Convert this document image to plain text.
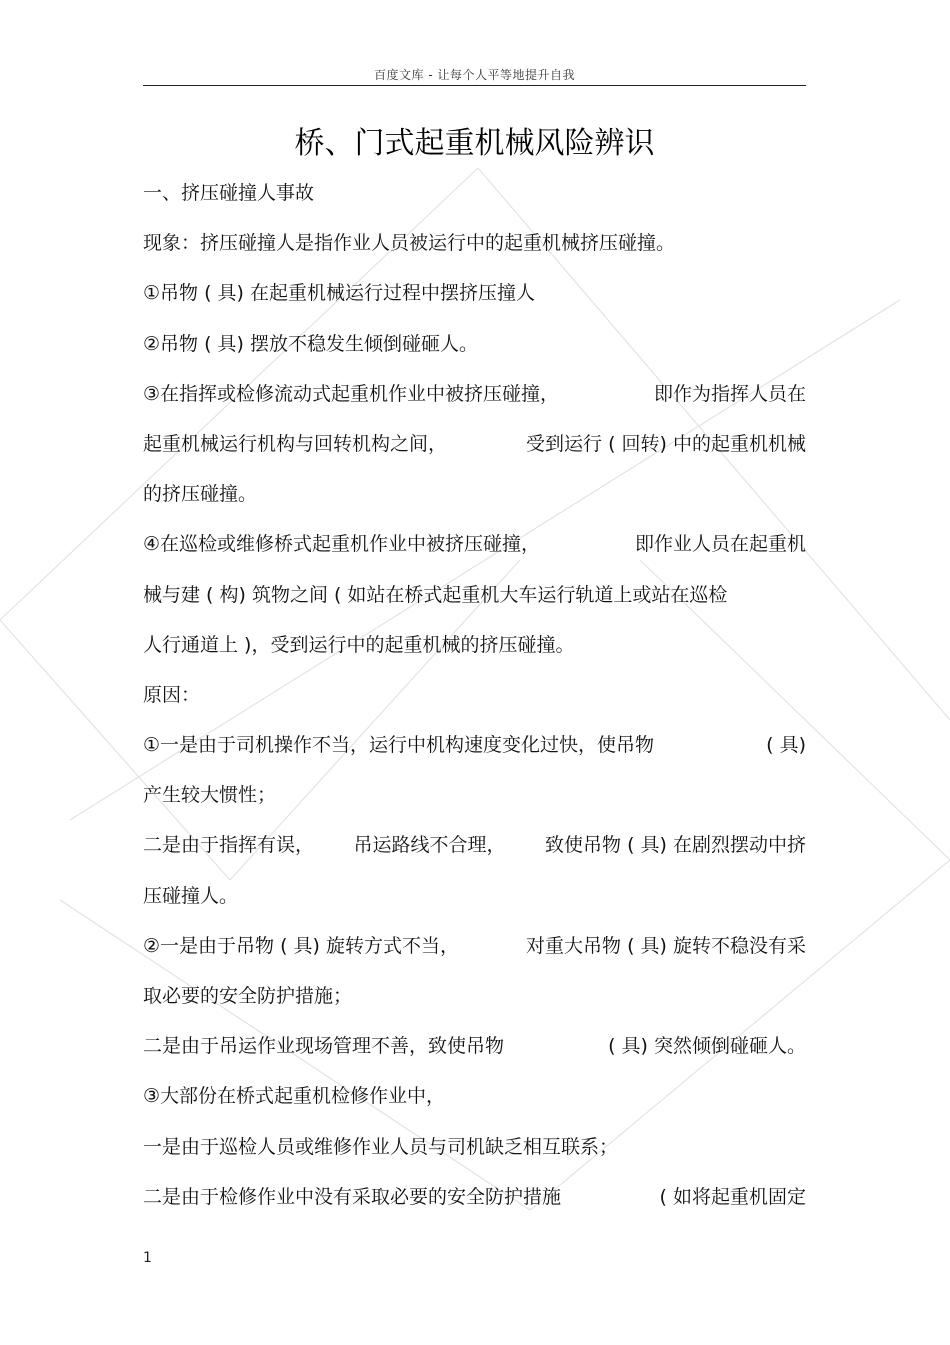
百度文库 - 让每个人平等地提升自我
桥、门式起重机械风险辨识
一、挤压碰撞人事故
现象：挤压碰撞人是指作业人员被运行中的起重机械挤压碰撞。
①吊物 ( 具) 在起重机械运行过程中摆挤压撞人
②吊物 ( 具) 摆放不稳发生倾倒碰砸人。
③在指挥或检修流动式起重机作业中被挤压碰撞，	即作为指挥人员在
起重机械运行机构与回转机构之间，	受到运行 ( 回转) 中的起重机机械
的挤压碰撞。
④在巡检或维修桥式起重机作业中被挤压碰撞，	即作业人员在起重机
械与建 ( 构) 筑物之间 ( 如站在桥式起重机大车运行轨道上或站在巡检
人行通道上 )，受到运行中的起重机械的挤压碰撞。
原因：
①一是由于司机操作不当，运行中机构速度变化过快，使吊物	( 具)
产生较大惯性；
二是由于指挥有误， 吊运路线不合理， 致使吊物 ( 具) 在剧烈摆动中挤
压碰撞人。
②一是由于吊物 ( 具) 旋转方式不当，	对重大吊物 ( 具) 旋转不稳没有采
取必要的安全防护措施；
二是由于吊运作业现场管理不善，致使吊物	( 具) 突然倾倒碰砸人。
③大部份在桥式起重机检修作业中，
一是由于巡检人员或维修作业人员与司机缺乏相互联系；
二是由于检修作业中没有采取必要的安全防护措施	( 如将起重机固定
1
